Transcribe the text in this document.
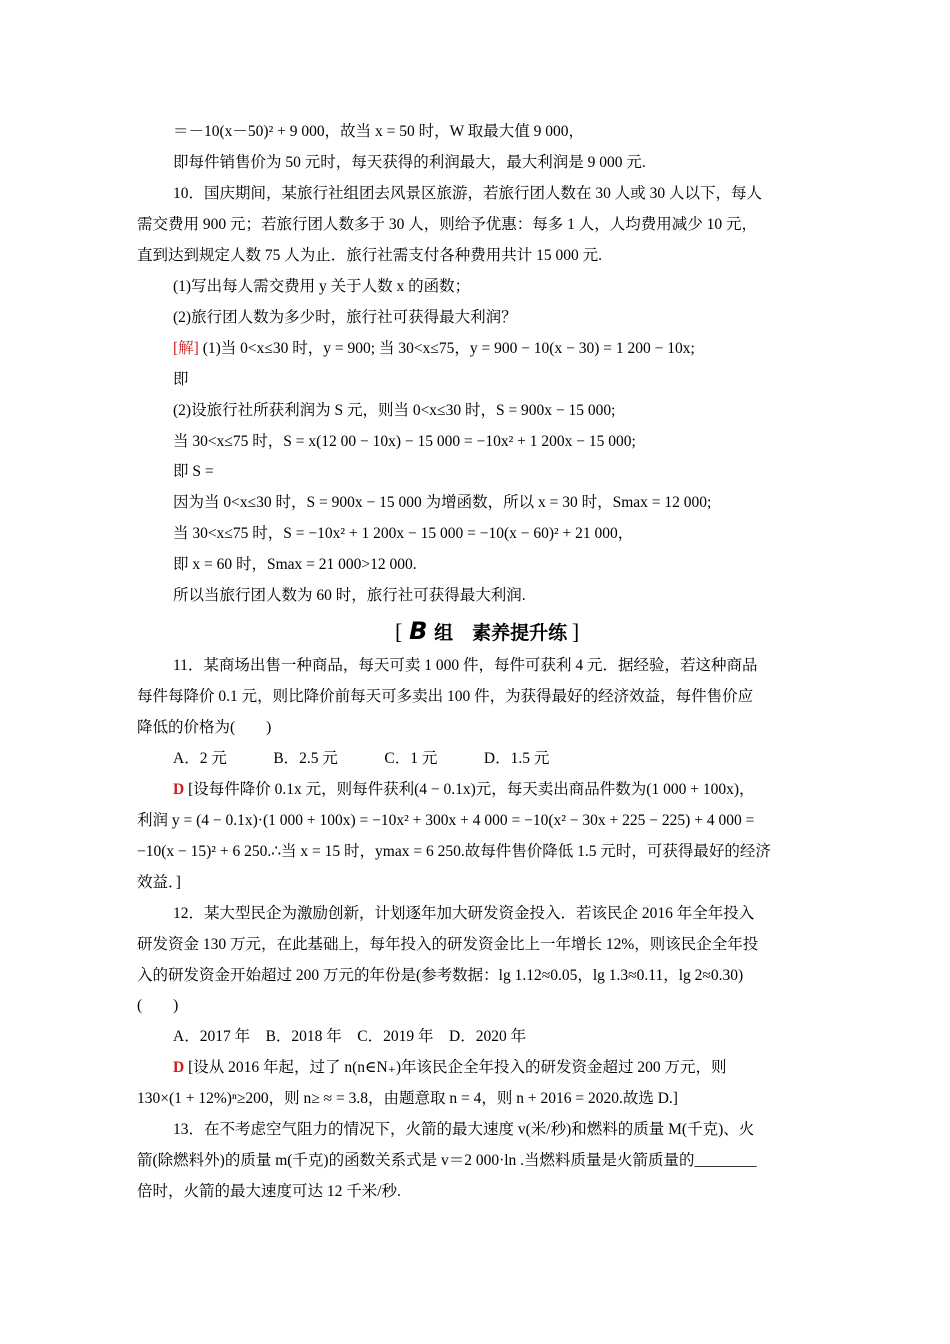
＝－10(x－50)² + 9 000，故当 x = 50 时，W 取最大值 9 000，
即每件销售价为 50 元时，每天获得的利润最大，最大利润是 9 000 元.
10．国庆期间，某旅行社组团去风景区旅游，若旅行团人数在 30 人或 30 人以下，每人
需交费用 900 元；若旅行团人数多于 30 人，则给予优惠：每多 1 人，人均费用减少 10 元，
直到达到规定人数 75 人为止．旅行社需支付各种费用共计 15 000 元.
(1)写出每人需交费用 y 关于人数 x 的函数；
(2)旅行团人数为多少时，旅行社可获得最大利润？
[解] (1)当 0<x≤30 时，y = 900; 当 30<x≤75，y = 900 − 10(x − 30) = 1 200 − 10x;
即
(2)设旅行社所获利润为 S 元，则当 0<x≤30 时，S = 900x − 15 000;
当 30<x≤75 时，S = x(12 00 − 10x) − 15 000 = −10x² + 1 200x − 15 000;
即 S =
因为当 0<x≤30 时，S = 900x − 15 000 为增函数，所以 x = 30 时，Smax = 12 000;
当 30<x≤75 时，S = −10x² + 1 200x − 15 000 = −10(x − 60)² + 21 000，
即 x = 60 时，Smax = 21 000>12 000.
所以当旅行团人数为 60 时，旅行社可获得最大利润.
[ B 组　素养提升练 ]
11．某商场出售一种商品，每天可卖 1 000 件，每件可获利 4 元．据经验，若这种商品
每件每降价 0.1 元，则比降价前每天可多卖出 100 件，为获得最好的经济效益，每件售价应
降低的价格为(　　)
A．2 元　　　B．2.5 元　　　C．1 元　　　D．1.5 元
D [设每件降价 0.1x 元，则每件获利(4 − 0.1x)元，每天卖出商品件数为(1 000 + 100x)，
利润 y = (4 − 0.1x)·(1 000 + 100x) = −10x² + 300x + 4 000 = −10(x² − 30x + 225 − 225) + 4 000 =
−10(x − 15)² + 6 250.∴当 x = 15 时，ymax = 6 250.故每件售价降低 1.5 元时，可获得最好的经济
效益．]
12．某大型民企为激励创新，计划逐年加大研发资金投入．若该民企 2016 年全年投入
研发资金 130 万元，在此基础上，每年投入的研发资金比上一年增长 12%，则该民企全年投
入的研发资金开始超过 200 万元的年份是(参考数据：lg 1.12≈0.05，lg 1.3≈0.11，lg 2≈0.30)
(　　)
A．2017 年　B．2018 年　C．2019 年　D．2020 年
D [设从 2016 年起，过了 n(n∈N₊)年该民企全年投入的研发资金超过 200 万元，则
130×(1 + 12%)ⁿ≥200，则 n≥ ≈ = 3.8，由题意取 n = 4，则 n + 2016 = 2020.故选 D.]
13．在不考虑空气阻力的情况下，火箭的最大速度 v(米/秒)和燃料的质量 M(千克)、火
箭(除燃料外)的质量 m(千克)的函数关系式是 v＝2 000·ln .当燃料质量是火箭质量的________
倍时，火箭的最大速度可达 12 千米/秒.
